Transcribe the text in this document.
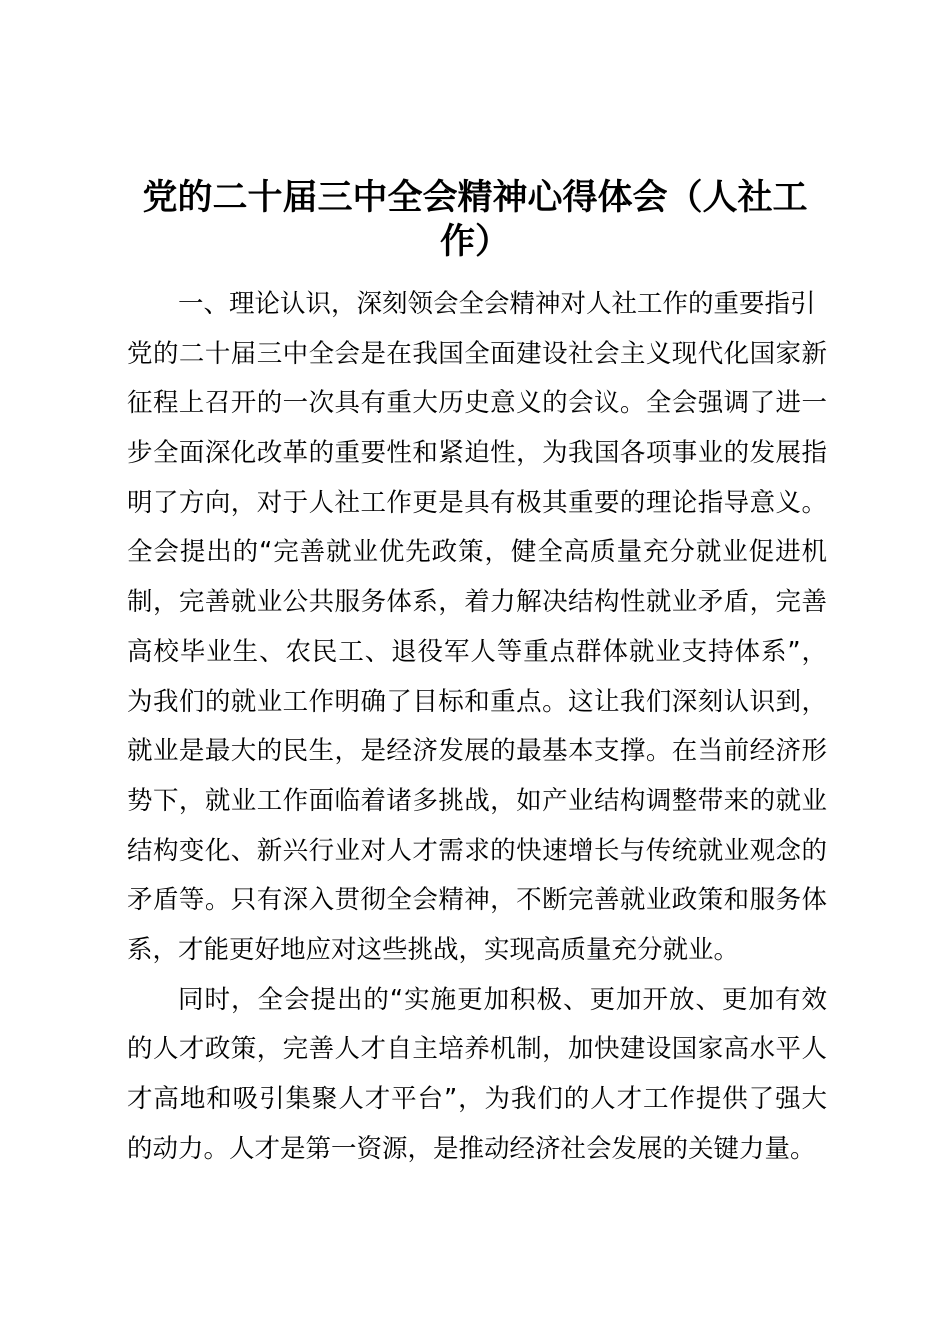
党的二十届三中全会精神心得体会（人社工
作）
一、理论认识，深刻领会全会精神对人社工作的重要指引
党的二十届三中全会是在我国全面建设社会主义现代化国家新
征程上召开的一次具有重大历史意义的会议。全会强调了进一
步全面深化改革的重要性和紧迫性，为我国各项事业的发展指
明了方向，对于人社工作更是具有极其重要的理论指导意义。
全会提出的“完善就业优先政策，健全高质量充分就业促进机
制，完善就业公共服务体系，着力解决结构性就业矛盾，完善
高校毕业生、农民工、退役军人等重点群体就业支持体系”，
为我们的就业工作明确了目标和重点。这让我们深刻认识到，
就业是最大的民生，是经济发展的最基本支撑。在当前经济形
势下，就业工作面临着诸多挑战，如产业结构调整带来的就业
结构变化、新兴行业对人才需求的快速增长与传统就业观念的
矛盾等。只有深入贯彻全会精神，不断完善就业政策和服务体
系，才能更好地应对这些挑战，实现高质量充分就业。
同时，全会提出的“实施更加积极、更加开放、更加有效
的人才政策，完善人才自主培养机制，加快建设国家高水平人
才高地和吸引集聚人才平台”，为我们的人才工作提供了强大
的动力。人才是第一资源，是推动经济社会发展的关键力量。
